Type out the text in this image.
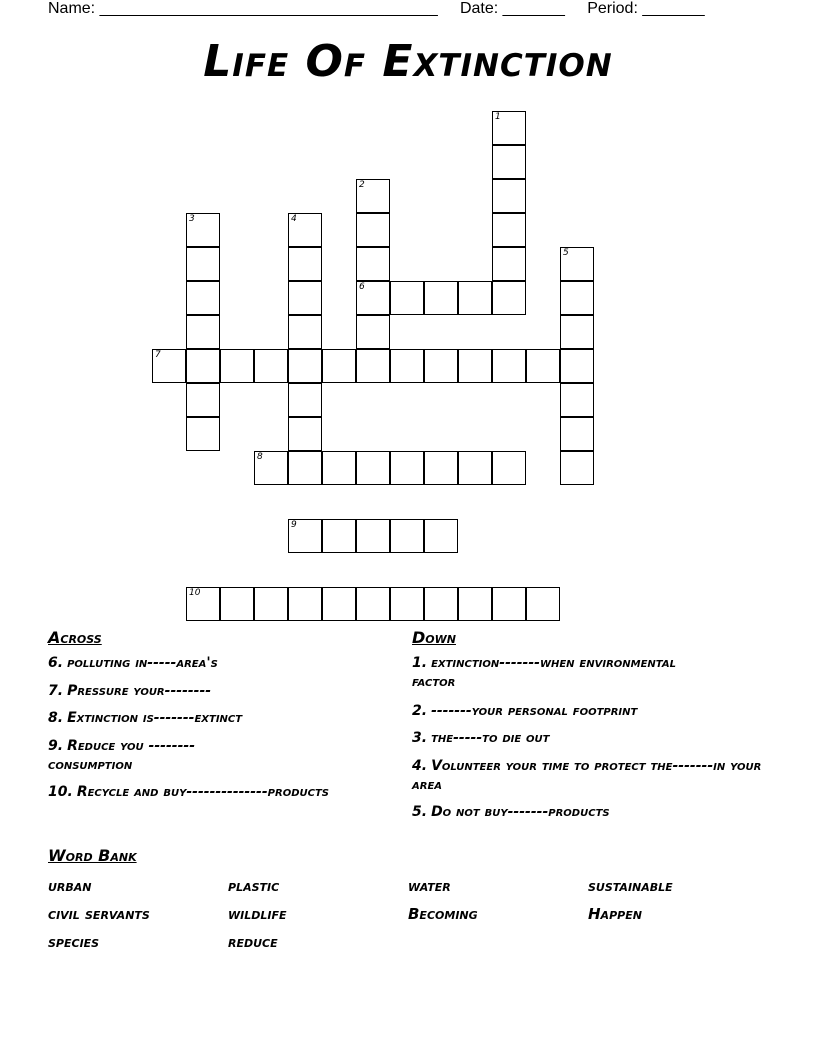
Name: ______________________________________ Date: _______ Period: _______
Life Of Extinction
1
2
6
3	4
5
7
8
9
10
Across
6. polluting in-----area's
7. Pressure your--------
8. Extinction is-------extinct
9. Reduce you --------consumption
10. Recycle and buy--------------products
Down
1. extinction-------when environmental factor
2. -------your personal footprint
3. the-----to die out
4. Volunteer your time to protect the-------in your area
5. Do not buy-------products
Word Bank
urban	plastic	water	sustainable
civil servants	wildlife	Becoming	Happen
species	reduce
